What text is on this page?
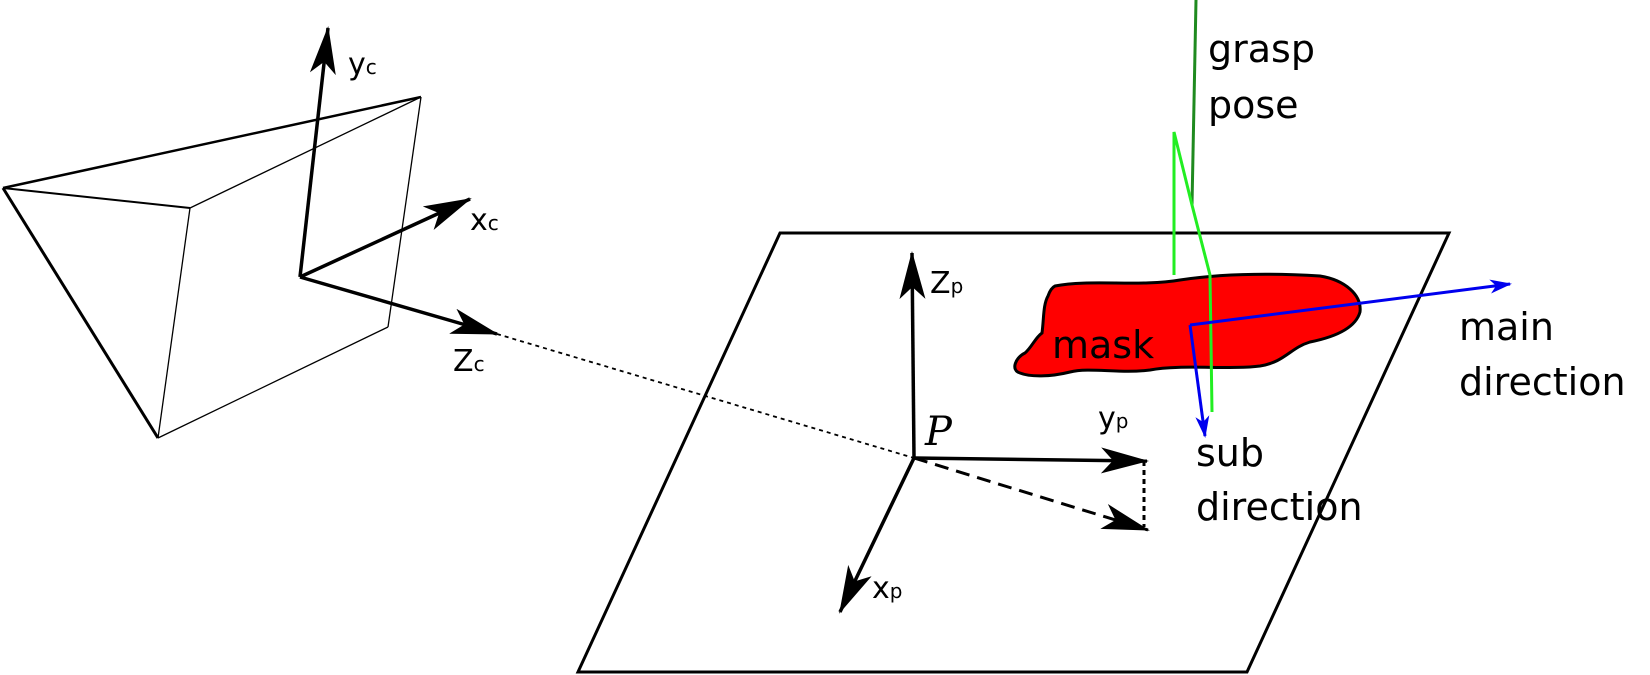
mask
yc
xc
Zc
Zp
yp
xp
P
grasp
pose
main
direction
sub
direction
